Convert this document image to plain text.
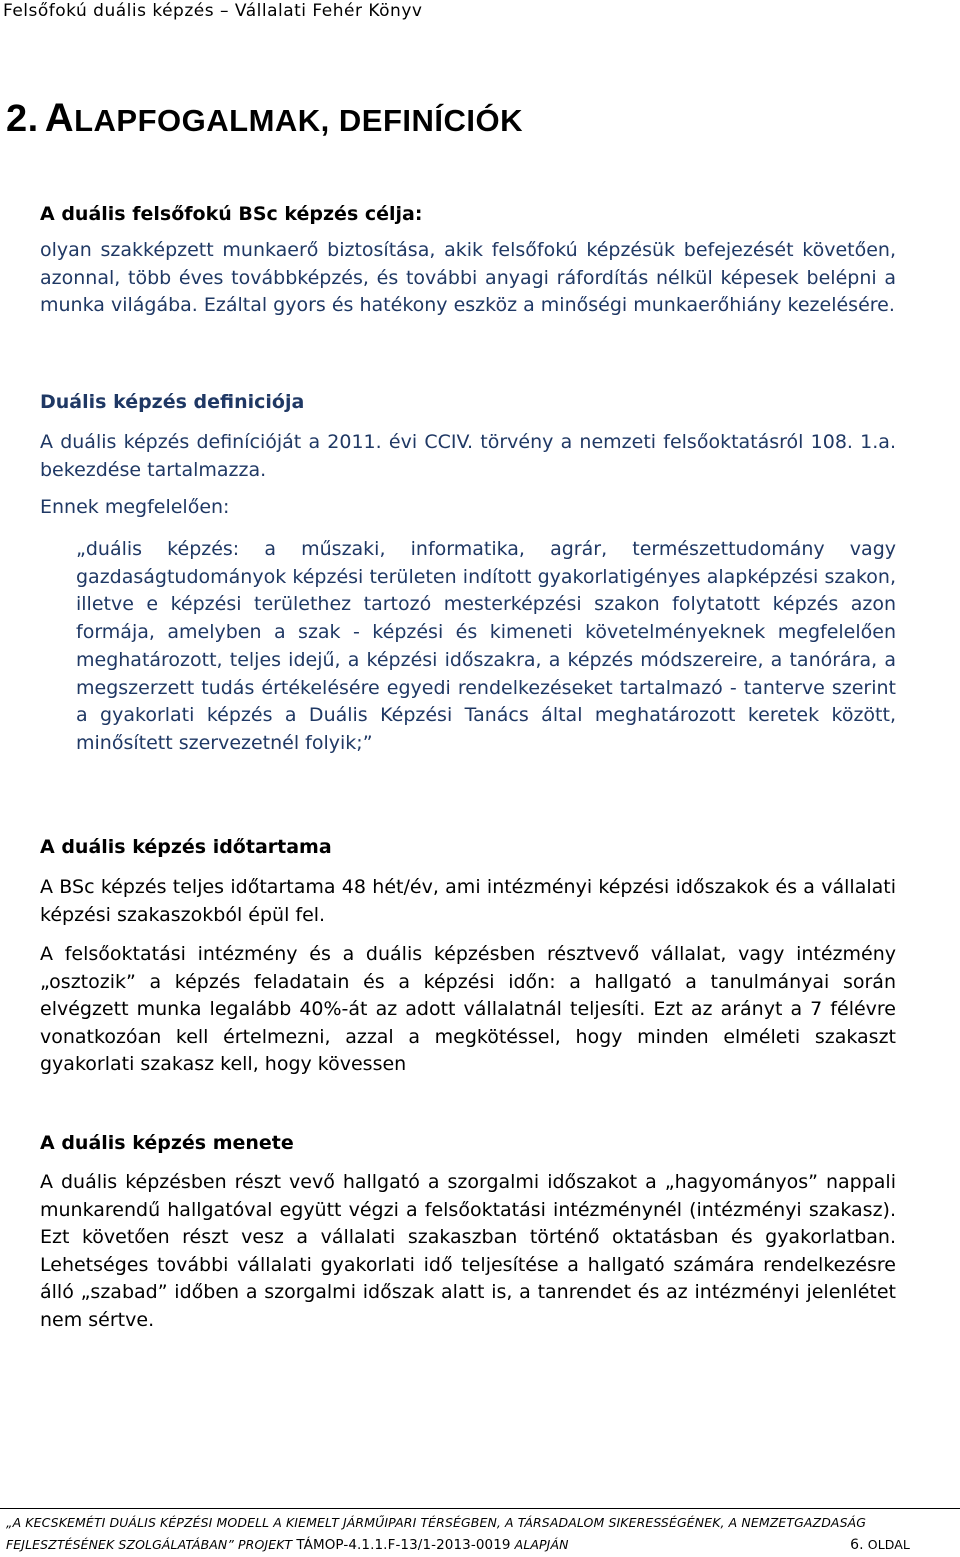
Felsőfokú duális képzés – Vállalati Fehér Könyv
2. ALAPFOGALMAK, DEFINÍCIÓK
A duális felsőfokú BSc képzés célja:

olyan szakképzett munkaerő biztosítása, akik felsőfokú képzésük befejezését követően, azonnal, több éves továbbképzés, és további anyagi ráfordítás nélkül képesek belépni a munka világába. Ezáltal gyors és hatékony eszköz a minőségi munkaerőhiány kezelésére.

Duális képzés definiciója

A duális képzés definícióját a 2011. évi CCIV. törvény a nemzeti felsőoktatásról 108. 1.a. bekezdése tartalmazza.

Ennek megfelelően:

„duális képzés: a műszaki, informatika, agrár, természettudomány vagy gazdaságtudományok képzési területen indított gyakorlatigényes alapképzési szakon, illetve e képzési területhez tartozó mesterképzési szakon folytatott képzés azon formája, amelyben a szak - képzési és kimeneti követelményeknek megfelelően meghatározott, teljes idejű, a képzési időszakra, a képzés módszereire, a tanórára, a megszerzett tudás értékelésére egyedi rendelkezéseket tartalmazó - tanterve szerint a gyakorlati képzés a Duális Képzési Tanács által meghatározott keretek között, minősített szervezetnél folyik;”

A duális képzés időtartama

A BSc képzés teljes időtartama 48 hét/év, ami intézményi képzési időszakok és a vállalati képzési szakaszokból épül fel.

A felsőoktatási intézmény és a duális képzésben résztvevő vállalat, vagy intézmény „osztozik” a képzés feladatain és a képzési időn: a hallgató a tanulmányai során elvégzett munka legalább 40%-át az adott vállalatnál teljesíti. Ezt az arányt a 7 félévre vonatkozóan kell értelmezni, azzal a megkötéssel, hogy minden elméleti szakaszt gyakorlati szakasz kell, hogy kövessen

A duális képzés menete

A duális képzésben részt vevő hallgató a szorgalmi időszakot a „hagyományos” nappali munkarendű hallgatóval együtt végzi a felsőoktatási intézménynél (intézményi szakasz). Ezt követően részt vesz a vállalati szakaszban történő oktatásban és gyakorlatban. Lehetséges további vállalati gyakorlati idő teljesítése a hallgató számára rendelkezésre álló „szabad” időben a szorgalmi időszak alatt is, a tanrendet és az intézményi jelenlétet nem sértve.

„A KECSKEMÉTI DUÁLIS KÉPZÉSI MODELL A KIEMELT JÁRMŰIPARI TÉRSÉGBEN, A TÁRSADALOM SIKERESSÉGÉNEK, A NEMZETGAZDASÁG
FEJLESZTÉSÉNEK SZOLGÁLATÁBAN” PROJEKT TÁMOP-4.1.1.F-13/1-2013-0019 ALAPJÁN	6. OLDAL
